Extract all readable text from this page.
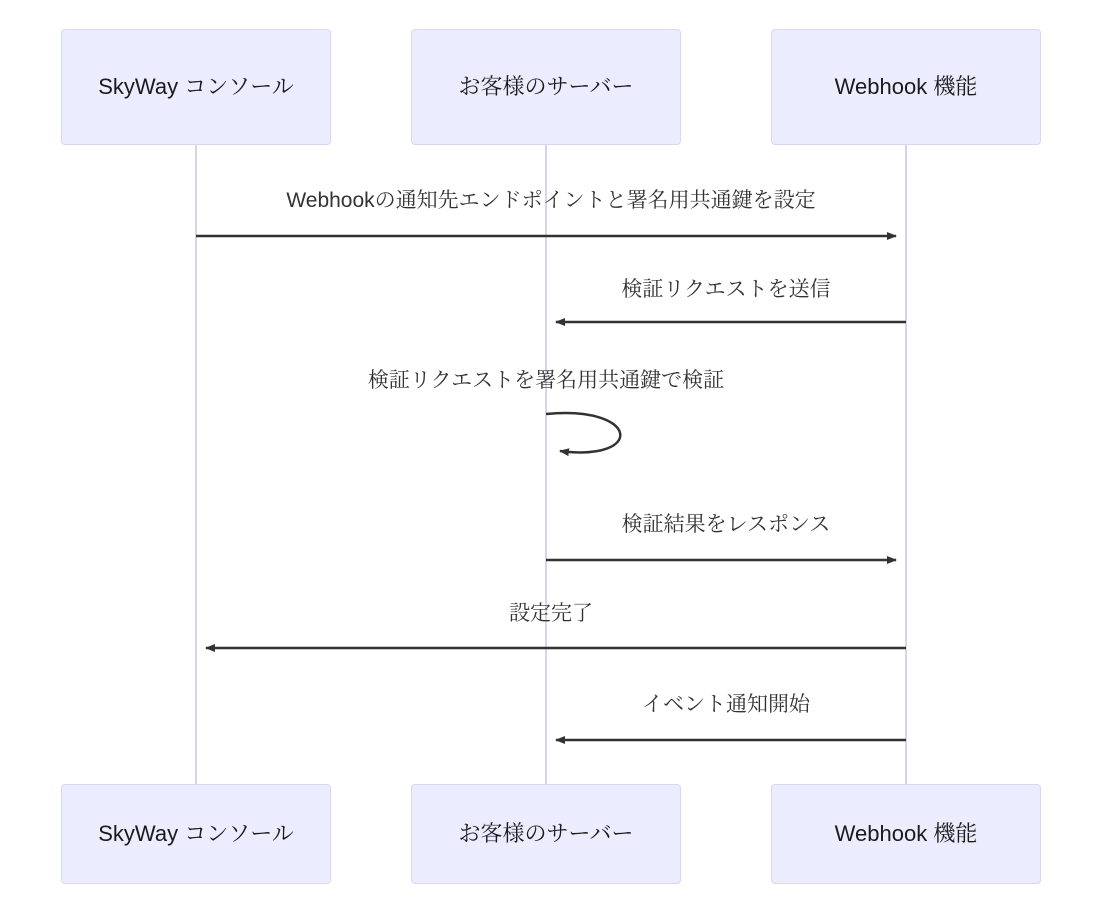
SkyWay コンソール	お客様のサーバー	Webhook 機能
SkyWay コンソール	お客様のサーバー	Webhook 機能
Webhookの通知先エンドポイントと署名用共通鍵を設定
検証リクエストを送信
検証リクエストを署名用共通鍵で検証
検証結果をレスポンス
設定完了
イベント通知開始
